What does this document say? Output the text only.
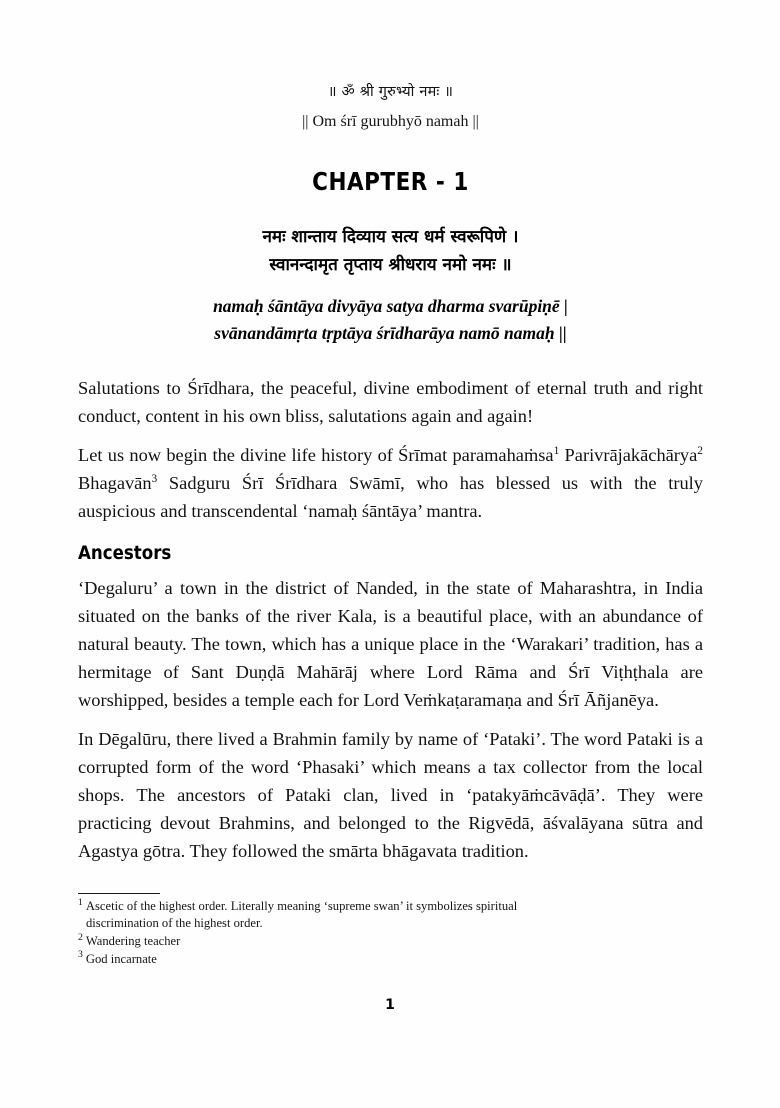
॥ ॐ श्री गुरुभ्यो नमः ॥
|| Om śrī gurubhyō namah ||
CHAPTER - 1
नमः शान्ताय दिव्याय सत्य धर्म स्वरूपिणे ।
स्वानन्दामृत तृप्ताय श्रीधराय नमो नमः ॥
namaḥ śāntāya divyāya satya dharma svarūpiṇē |
svānandāmṛta tṛptāya śrīdharāya namō namaḥ ||

Salutations to Śrīdhara, the peaceful, divine embodiment of eternal truth and right conduct, content in his own bliss, salutations again and again!

Let us now begin the divine life history of Śrīmat paramahaṁsa$^1$ Parivrājakāchārya$^2$ Bhagavān$^3$ Sadguru Śrī Śrīdhara Swāmī, who has blessed us with the truly auspicious and transcendental ‘namaḥ śāntāya’ mantra.

Ancestors

‘Degaluru’ a town in the district of Nanded, in the state of Maharashtra, in India situated on the banks of the river Kala, is a beautiful place, with an abundance of natural beauty. The town, which has a unique place in the ‘Warakari’ tradition, has a hermitage of Sant Duṇḍā Mahārāj where Lord Rāma and Śrī Viṭhṭhala are worshipped, besides a temple each for Lord Veṁkaṭaramaṇa and Śrī Āñjanēya.

In Dēgalūru, there lived a Brahmin family by name of ‘Pataki’. The word Pataki is a corrupted form of the word ‘Phasaki’ which means a tax collector from the local shops. The ancestors of Pataki clan, lived in ‘patakyāṁcāvāḍā’. They were practicing devout Brahmins, and belonged to the Rigvēdā, āśvalāyana sūtra and Agastya gōtra. They followed the smārta bhāgavata tradition.

$^1$ Ascetic of the highest order. Literally meaning ‘supreme swan’ it symbolizes spiritual
discrimination of the highest order.
$^2$ Wandering teacher
$^3$ God incarnate
1
